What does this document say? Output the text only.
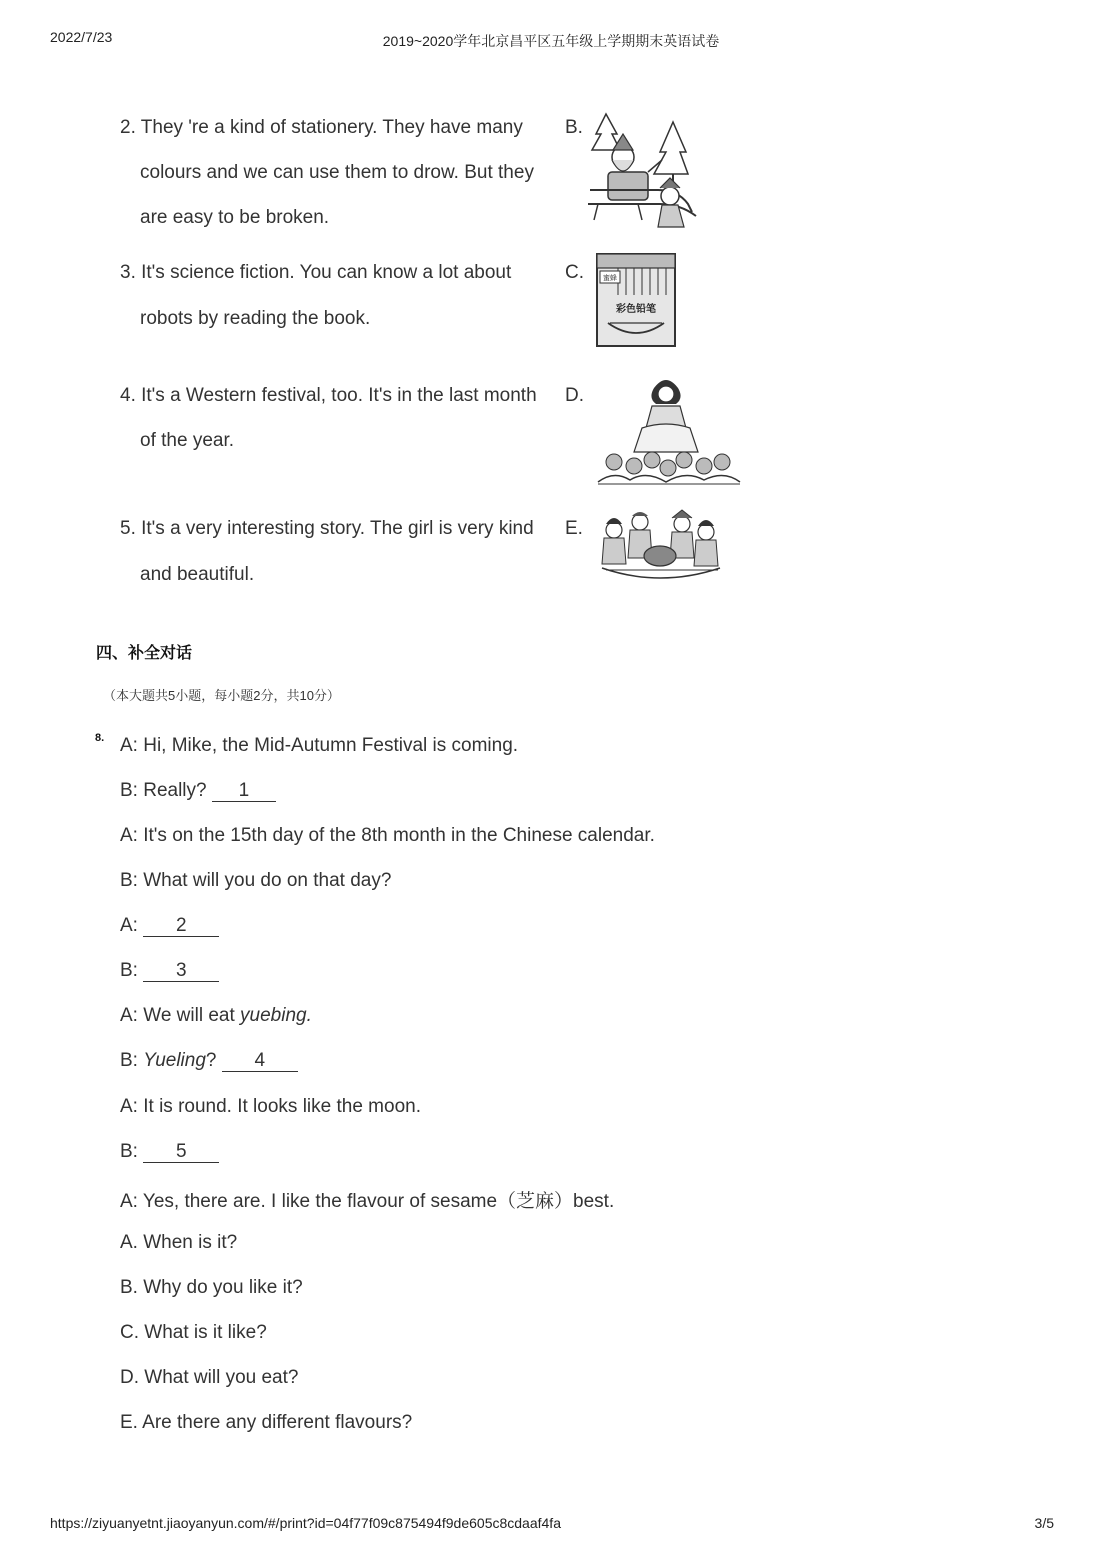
2022/7/23	2019~2020学年北京昌平区五年级上学期期末英语试卷
2. They 're a kind of stationery. They have many
colours and we can use them to drow. But they
are easy to be broken.
B.
3. It's science fiction. You can know a lot about
robots by reading the book.
C.
4. It's a Western festival, too. It's in the last month
of the year.
D.
5. It's a very interesting story. The girl is very kind
and beautiful.
E.
蜜蜂
彩色铅笔
四、补全对话
（本大题共5小题，每小题2分，共10分）
8. A: Hi, Mike, the Mid-Autumn Festival is coming.
B: Really? 1
A: It's on the 15th day of the 8th month in the Chinese calendar.
B: What will you do on that day?
A: 2
B: 3
A: We will eat yuebing.
B: Yueling? 4
A: It is round. It looks like the moon.
B: 5
A: Yes, there are. I like the flavour of sesame（芝麻）best.
A. When is it?
B. Why do you like it?
C. What is it like?
D. What will you eat?
E. Are there any different flavours?
https://ziyuanyetnt.jiaoyanyun.com/#/print?id=04f77f09c875494f9de605c8cdaaf4fa	3/5
